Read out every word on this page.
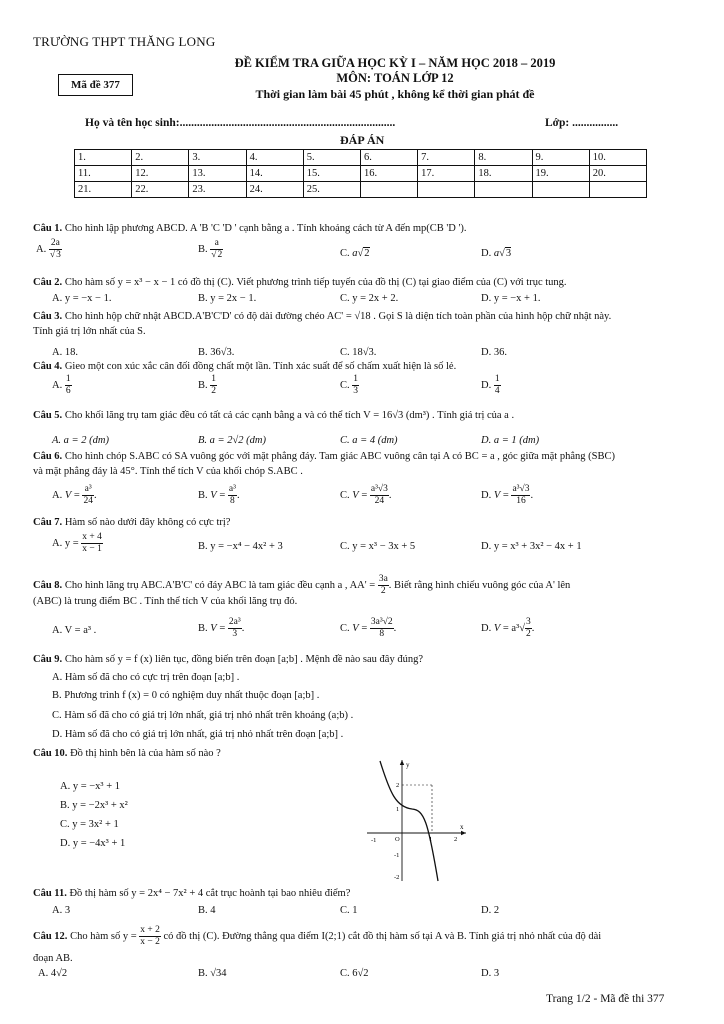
TRƯỜNG THPT THĂNG LONG
Mã đề 377
ĐỀ KIỂM TRA GIỮA HỌC KỲ I – NĂM HỌC 2018 – 2019
MÔN: TOÁN LỚP 12
Thời gian làm bài 45 phút , không kể thời gian phát đề
Họ và tên học sinh:...........................................................................	Lớp: ................
ĐÁP ÁN
1.	2.	3.	4.	5.	6.	7.	8.	9.	10.
11.	12.	13.	14.	15.	16.	17.	18.	19.	20.
21.	22.	23.	24.	25.					
Câu 1. Cho hình lập phương ABCD. A 'B 'C 'D ' cạnh bằng a . Tính khoảng cách từ A đến mp(CB 'D ').
A. $\frac{2a}{√3}$	B. $\frac{a}{√2}$	C. a√2	D. a√3
Câu 2. Cho hàm số y = x³ − x − 1 có đồ thị (C). Viết phương trình tiếp tuyến của đồ thị (C) tại giao điểm của (C) với trục tung.
A. y = −x − 1.	B. y = 2x − 1.	C. y = 2x + 2.	D. y = −x + 1.
Câu 3. Cho hình hộp chữ nhật ABCD.A'B'C'D' có độ dài đường chéo AC' = √18 . Gọi S là diện tích toàn phần của hình hộp chữ nhật này.
Tính giá trị lớn nhất của S.
A. 18.	B. 36√3.	C. 18√3.	D. 36.
Câu 4. Gieo một con xúc xắc cân đối đồng chất một lần. Tính xác suất để số chấm xuất hiện là số lẻ.
A. $\frac{1}{6}$	B. $\frac{1}{2}$	C. $\frac{1}{3}$	D. $\frac{1}{4}$
Câu 5. Cho khối lăng trụ tam giác đều có tất cả các cạnh bằng a và có thể tích V = 16√3 (dm³) . Tính giá trị của a .
A. a = 2 (dm)	B. a = 2√2 (dm)	C. a = 4 (dm)	D. a = 1 (dm)
Câu 6. Cho hình chóp S.ABC có SA vuông góc với mặt phẳng đáy. Tam giác ABC vuông cân tại A có BC = a , góc giữa mặt phẳng (SBC)
và mặt phẳng đáy là 45°. Tính thể tích V của khối chóp S.ABC .
A. $V = \frac{\text{a³}}{24}$ .	B. $V = \frac{\text{a³}}{8}$ .	C. $V = \frac{\text{a³√3}}{24}$ .	D. $V = \frac{\text{a³√3}}{16}$ .
Câu 7. Hàm số nào dưới đây không có cực trị?
A. $y = \frac{x + 4}{x - 1}$	B. y = −x⁴ − 4x² + 3	C. y = x³ − 3x + 5	D. y = x³ + 3x² − 4x + 1
Câu 8. Cho hình lăng trụ ABC.A'B'C' có đáy ABC là tam giác đều cạnh a , $AA' = \frac{3a}{2}$ . Biết rằng hình chiếu vuông góc của A' lên
(ABC) là trung điểm BC . Tính thể tích V của khối lăng trụ đó.
A. V = a³ .	B. $V = \frac{\text{2a³}}{3}$ .	C. $V = \frac{\text{3a³√2}}{8}$ .	D. $V = a^3√ \frac{3}{2}$ .
Câu 9. Cho hàm số y = f (x) liên tục, đồng biến trên đoạn [a;b] . Mệnh đề nào sau đây đúng?
A. Hàm số đã cho có cực trị trên đoạn [a;b] .
B. Phương trình f (x) = 0 có nghiệm duy nhất thuộc đoạn [a;b] .
C. Hàm số đã cho có giá trị lớn nhất, giá trị nhỏ nhất trên khoảng (a;b) .
D. Hàm số đã cho có giá trị lớn nhất, giá trị nhỏ nhất trên đoạn [a;b] .
Câu 10. Đồ thị hình bên là của hàm số nào ?
A. y = −x³ + 1
B. y = −2x³ + x²
C. y = 3x² + 1
D. y = −4x³ + 1
y
x
2
1
-1
-2
-1	O	1	2
Câu 11. Đồ thị hàm số y = 2x⁴ − 7x² + 4 cắt trục hoành tại bao nhiêu điểm?
A. 3	B. 4	C. 1	D. 2
Câu 12. Cho hàm số $y = \frac{x + 2}{x - 2}$ có đồ thị (C). Đường thẳng qua điểm I(2;1) cắt đồ thị hàm số tại A và B. Tính giá trị nhỏ nhất của độ dài
đoạn AB.
A. 4√2	B. √34	C. 6√2	D. 3
Trang 1/2 - Mã đề thi 377
